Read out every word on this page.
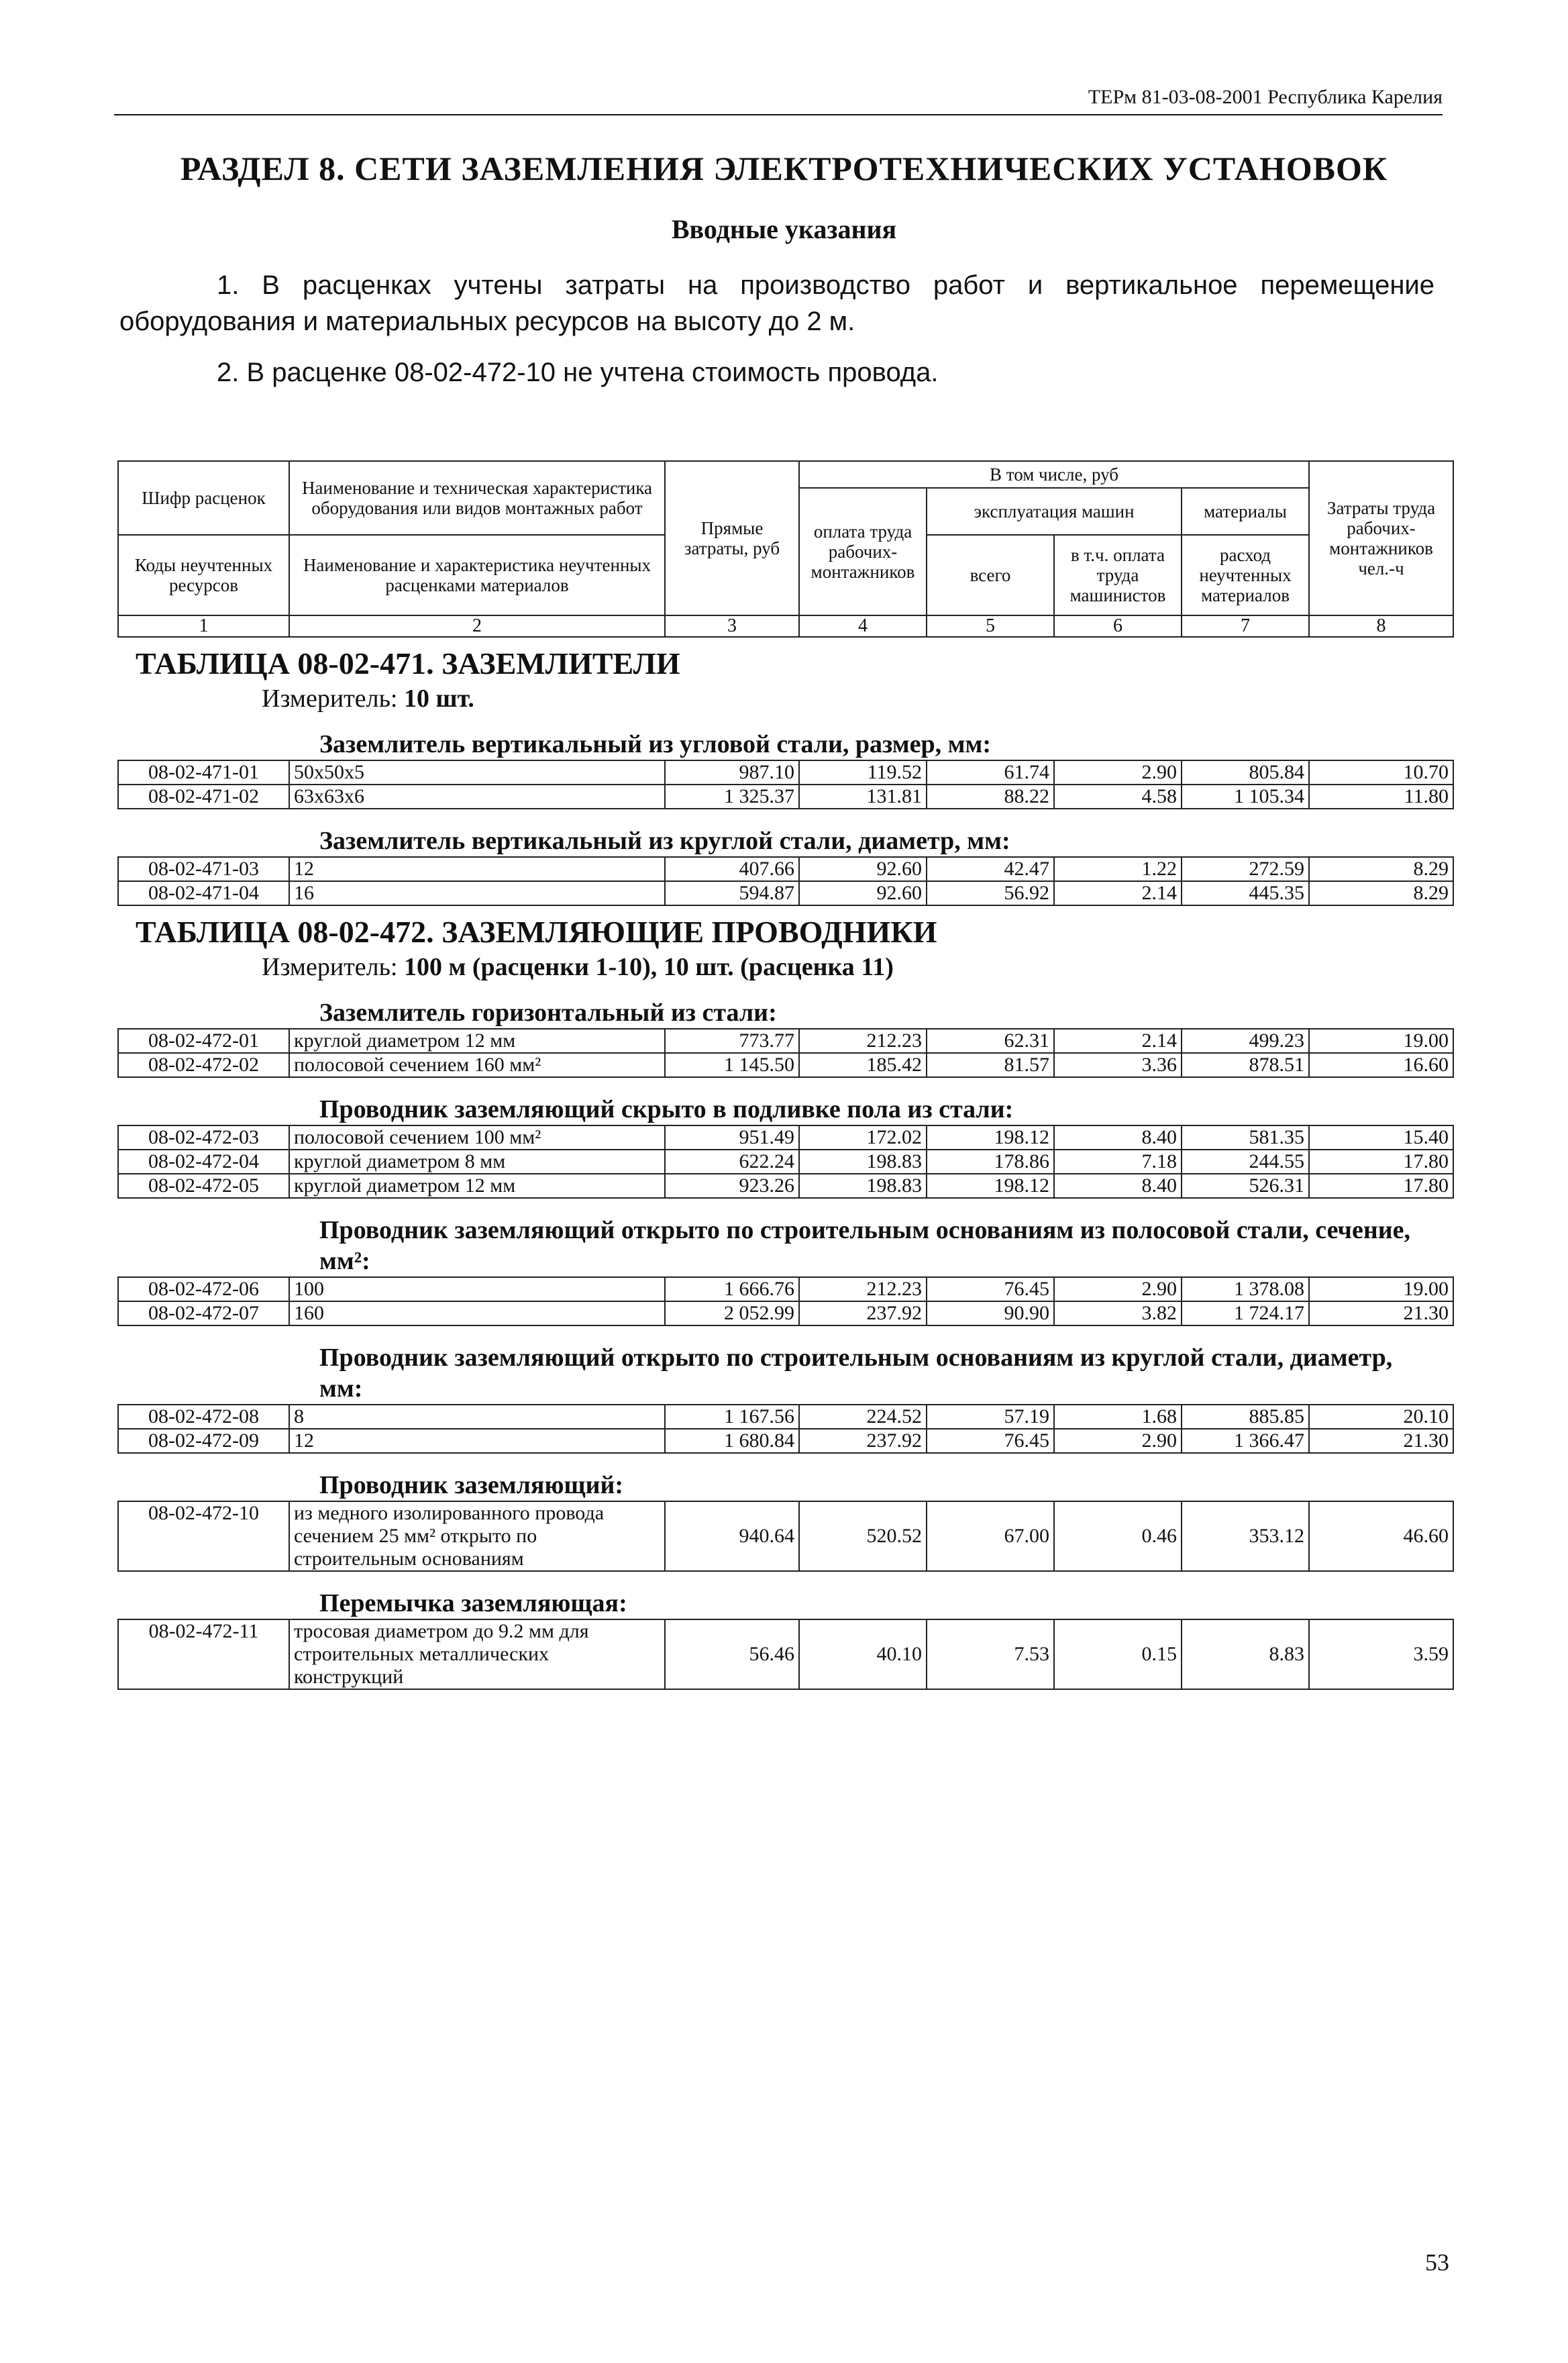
ТЕРм 81-03-08-2001 Республика Карелия
РАЗДЕЛ 8. СЕТИ ЗАЗЕМЛЕНИЯ ЭЛЕКТРОТЕХНИЧЕСКИХ УСТАНОВОК
Вводные указания
1. В расценках учтены затраты на производство работ и вертикальное перемещение оборудования и материальных ресурсов на высоту до 2 м.
2. В расценке 08-02-472-10 не учтена стоимость провода.
Шифр расценок	Наименование и техническая характеристика оборудования или видов монтажных работ	Прямые затраты, руб	В том числе, руб				Затраты труда рабочих-монтажников чел.-ч
			оплата труда рабочих-монтажников	эксплуатация машин		материалы	
Коды неучтенных ресурсов	Наименование и характеристика неучтенных расценками материалов			всего	в т.ч. оплата труда машинистов	расход неучтенных материалов	

1	2	3	4	5	6	7	8

ТАБЛИЦА 08-02-471. ЗАЗЕМЛИТЕЛИ
Измеритель: 10 шт.
Заземлитель вертикальный из угловой стали, размер, мм:							

08-02-471-01	50х50х5	987.10	119.52	61.74	2.90	805.84	10.70
08-02-471-02	63х63х6	1 325.37	131.81	88.22	4.58	1 105.34	11.80

Заземлитель вертикальный из круглой стали, диаметр, мм:							

08-02-471-03	12	407.66	92.60	42.47	1.22	272.59	8.29
08-02-471-04	16	594.87	92.60	56.92	2.14	445.35	8.29

ТАБЛИЦА 08-02-472. ЗАЗЕМЛЯЮЩИЕ ПРОВОДНИКИ
Измеритель: 100 м (расценки 1-10), 10 шт. (расценка 11)
Заземлитель горизонтальный из стали:							

08-02-472-01	круглой диаметром 12 мм	773.77	212.23	62.31	2.14	499.23	19.00
08-02-472-02	полосовой сечением 160 мм²	1 145.50	185.42	81.57	3.36	878.51	16.60

Проводник заземляющий скрыто в подливке пола из стали:							

08-02-472-03	полосовой сечением 100 мм²	951.49	172.02	198.12	8.40	581.35	15.40
08-02-472-04	круглой диаметром 8 мм	622.24	198.83	178.86	7.18	244.55	17.80
08-02-472-05	круглой диаметром 12 мм	923.26	198.83	198.12	8.40	526.31	17.80

Проводник заземляющий открыто по строительным основаниям из полосовой стали, сечение, мм²:							

08-02-472-06	100	1 666.76	212.23	76.45	2.90	1 378.08	19.00
08-02-472-07	160	2 052.99	237.92	90.90	3.82	1 724.17	21.30

Проводник заземляющий открыто по строительным основаниям из круглой стали, диаметр, мм:							

08-02-472-08	8	1 167.56	224.52	57.19	1.68	885.85	20.10
08-02-472-09	12	1 680.84	237.92	76.45	2.90	1 366.47	21.30

Проводник заземляющий:							

08-02-472-10	из медного изолированного провода сечением 25 мм² открыто по строительным основаниям	940.64	520.52	67.00	0.46	353.12	46.60

Перемычка заземляющая:							

08-02-472-11	тросовая диаметром до 9.2 мм для строительных металлических конструкций	56.46	40.10	7.53	0.15	8.83	3.59
53
